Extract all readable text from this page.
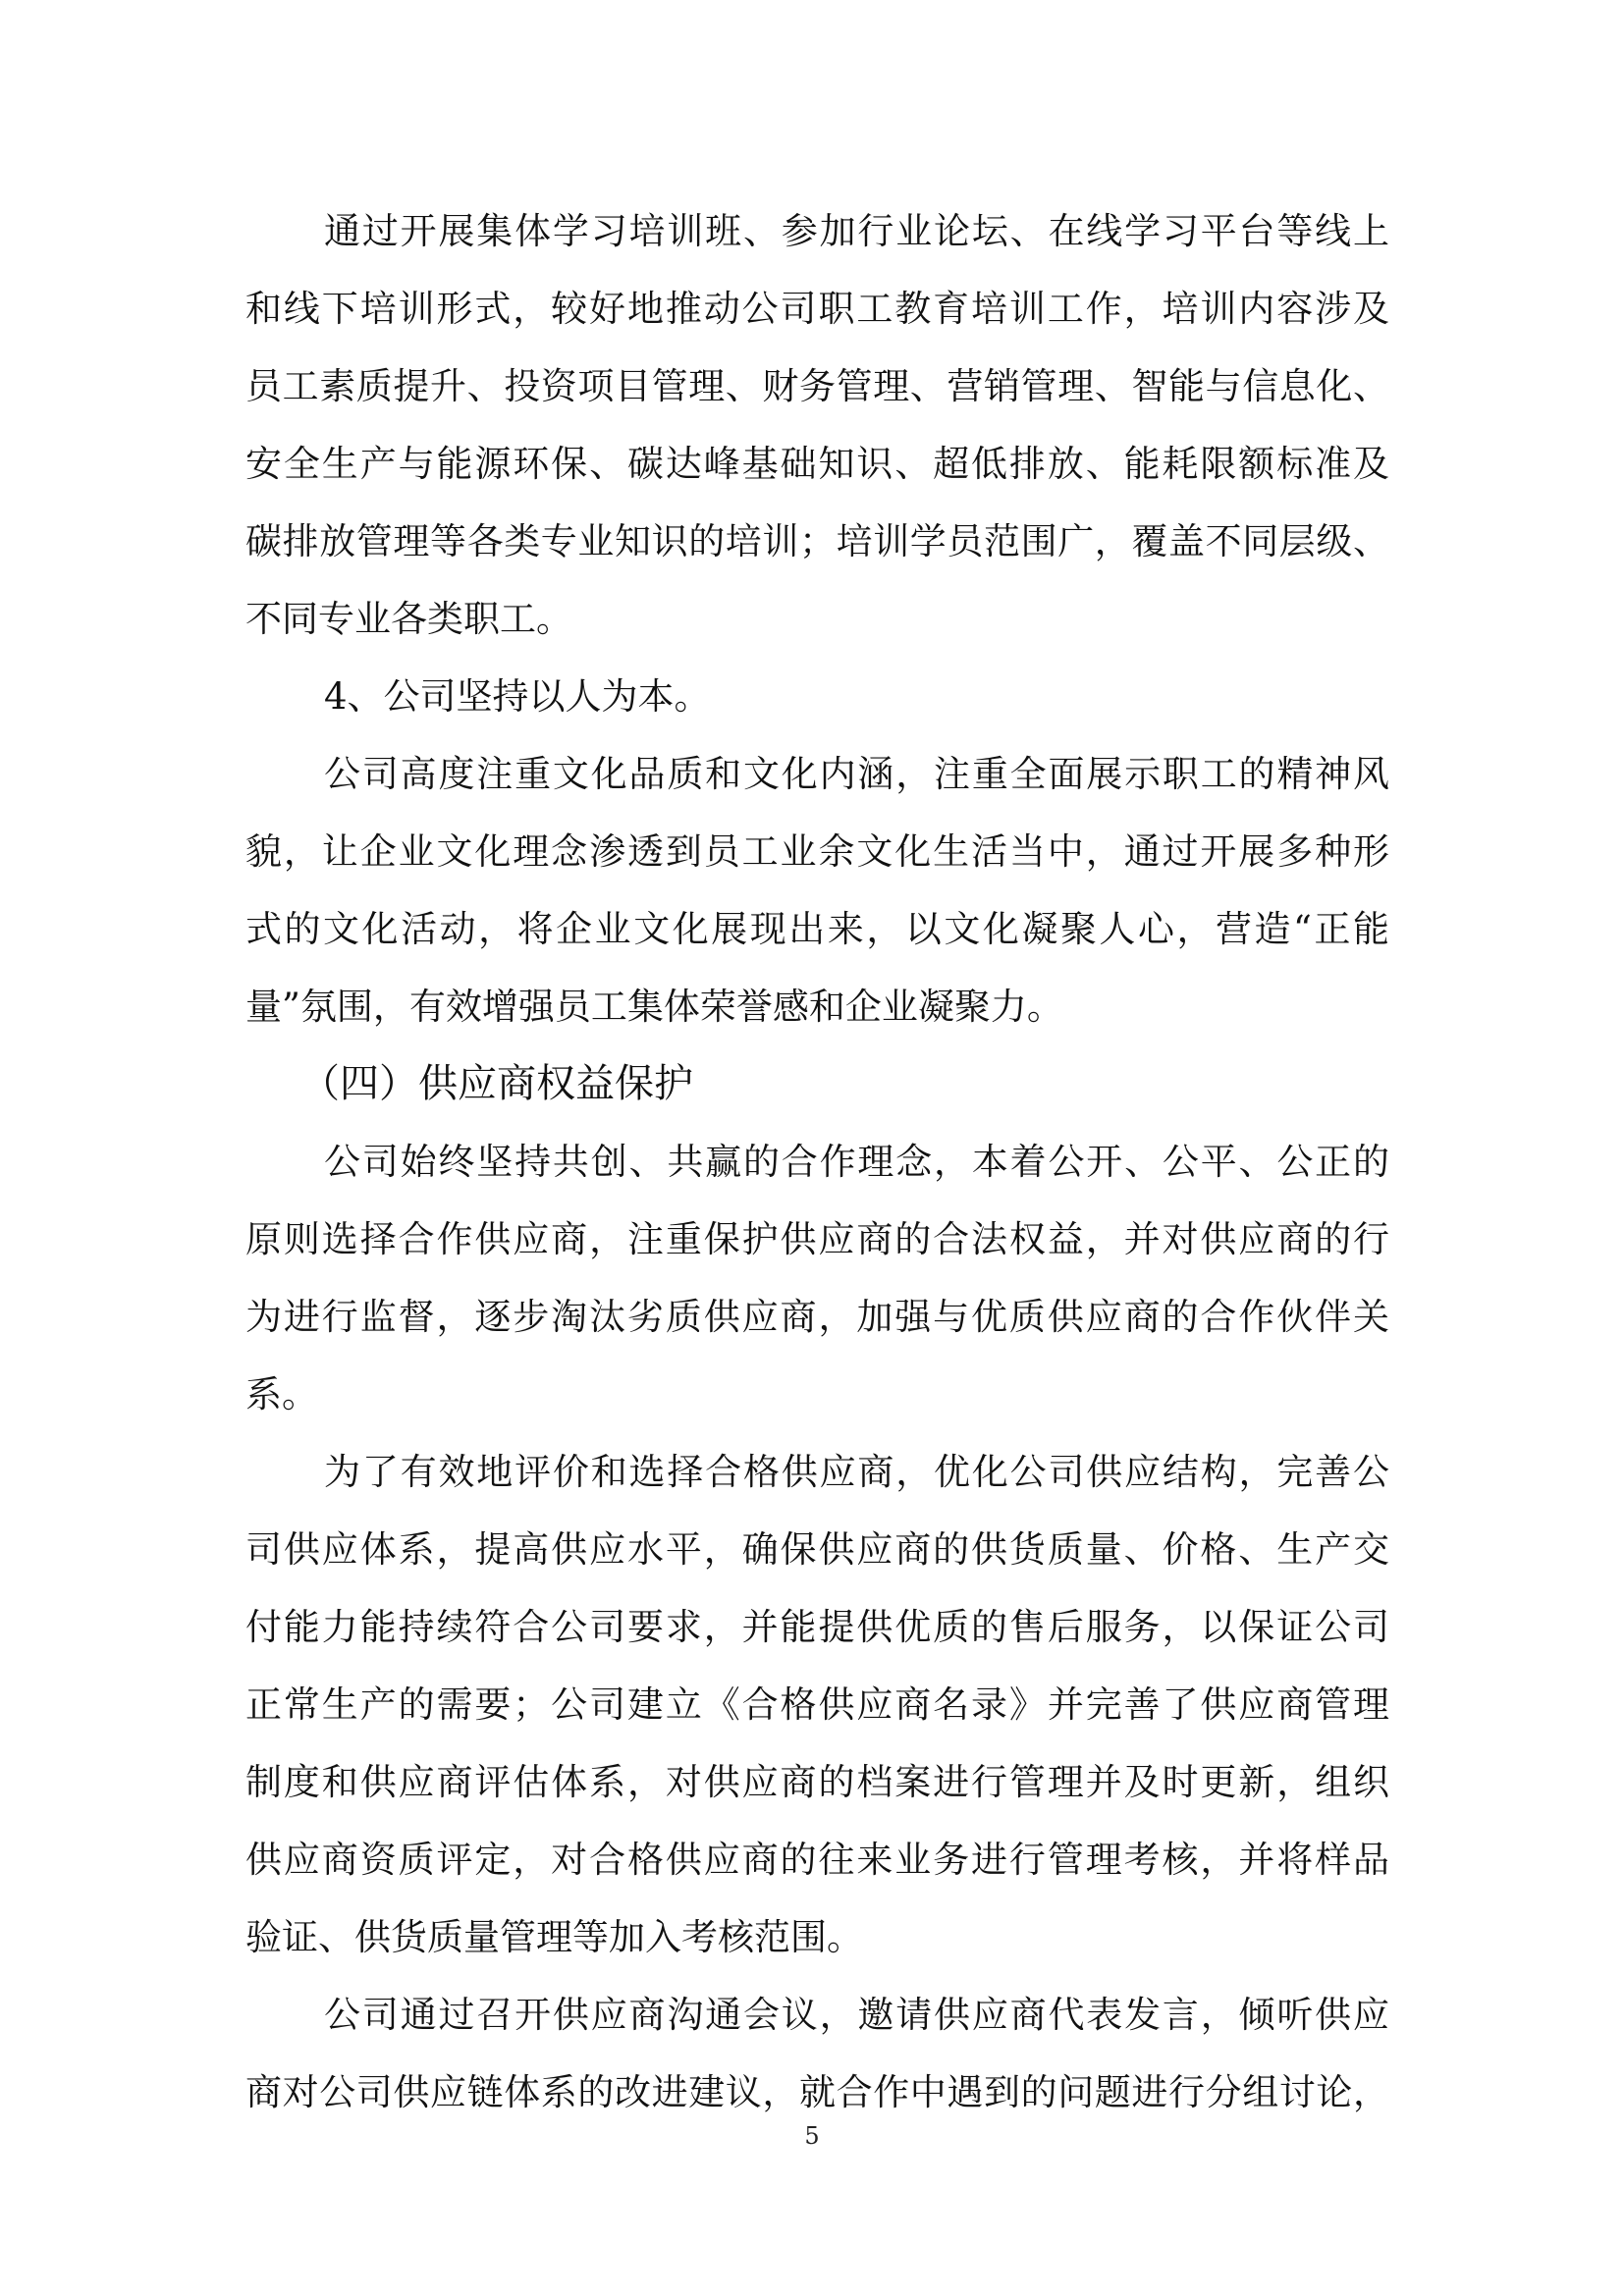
通过开展集体学习培训班、参加行业论坛、在线学习平台等线上
和线下培训形式，较好地推动公司职工教育培训工作，培训内容涉及
员工素质提升、投资项目管理、财务管理、营销管理、智能与信息化、
安全生产与能源环保、碳达峰基础知识、超低排放、能耗限额标准及
碳排放管理等各类专业知识的培训；培训学员范围广，覆盖不同层级、
不同专业各类职工。
4、公司坚持以人为本。
公司高度注重文化品质和文化内涵，注重全面展示职工的精神风
貌，让企业文化理念渗透到员工业余文化生活当中，通过开展多种形
式的文化活动，将企业文化展现出来，以文化凝聚人心，营造“正能
量”氛围，有效增强员工集体荣誉感和企业凝聚力。
（四）供应商权益保护
公司始终坚持共创、共赢的合作理念，本着公开、公平、公正的
原则选择合作供应商，注重保护供应商的合法权益，并对供应商的行
为进行监督，逐步淘汰劣质供应商，加强与优质供应商的合作伙伴关
系。
为了有效地评价和选择合格供应商，优化公司供应结构，完善公
司供应体系，提高供应水平，确保供应商的供货质量、价格、生产交
付能力能持续符合公司要求，并能提供优质的售后服务，以保证公司
正常生产的需要；公司建立《合格供应商名录》并完善了供应商管理
制度和供应商评估体系，对供应商的档案进行管理并及时更新，组织
供应商资质评定，对合格供应商的往来业务进行管理考核，并将样品
验证、供货质量管理等加入考核范围。
公司通过召开供应商沟通会议，邀请供应商代表发言，倾听供应
商对公司供应链体系的改进建议，就合作中遇到的问题进行分组讨论，
5
